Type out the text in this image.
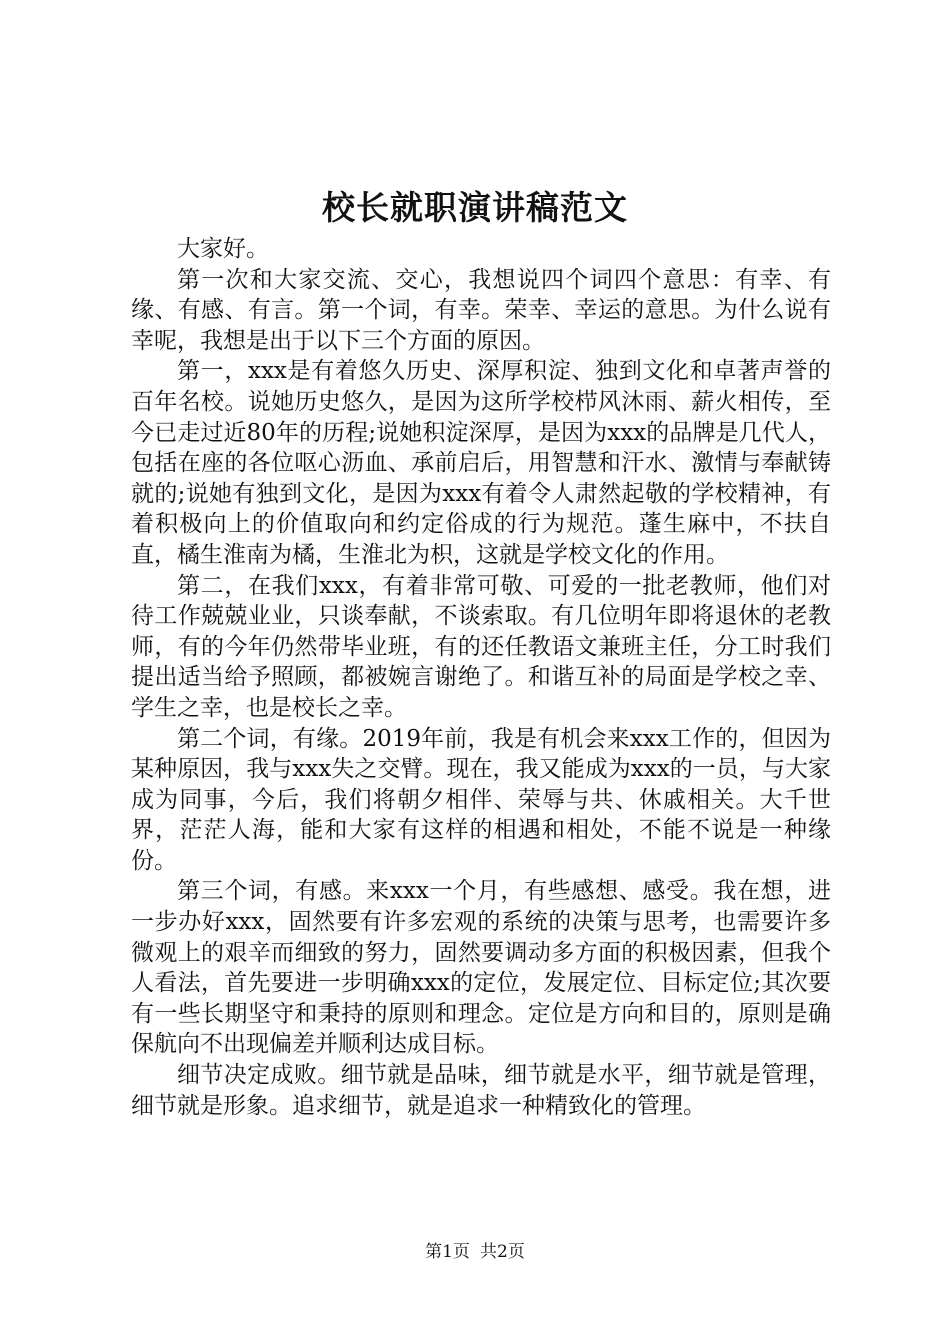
校长就职演讲稿范文

大家好。

第一次和大家交流、交心，我想说四个词四个意思：有幸、有缘、有感、有言。第一个词，有幸。荣幸、幸运的意思。为什么说有幸呢，我想是出于以下三个方面的原因。

第一，xxx是有着悠久历史、深厚积淀、独到文化和卓著声誉的百年名校。说她历史悠久，是因为这所学校栉风沐雨、薪火相传，至今已走过近80年的历程;说她积淀深厚，是因为xxx的品牌是几代人，包括在座的各位呕心沥血、承前启后，用智慧和汗水、激情与奉献铸就的;说她有独到文化，是因为xxx有着令人肃然起敬的学校精神，有着积极向上的价值取向和约定俗成的行为规范。蓬生麻中，不扶自直，橘生淮南为橘，生淮北为枳，这就是学校文化的作用。

第二，在我们xxx，有着非常可敬、可爱的一批老教师，他们对待工作兢兢业业，只谈奉献，不谈索取。有几位明年即将退休的老教师，有的今年仍然带毕业班，有的还任教语文兼班主任，分工时我们提出适当给予照顾，都被婉言谢绝了。和谐互补的局面是学校之幸、学生之幸，也是校长之幸。

第二个词，有缘。2019年前，我是有机会来xxx工作的，但因为某种原因，我与xxx失之交臂。现在，我又能成为xxx的一员，与大家成为同事，今后，我们将朝夕相伴、荣辱与共、休戚相关。大千世界，茫茫人海，能和大家有这样的相遇和相处，不能不说是一种缘份。

第三个词，有感。来xxx一个月，有些感想、感受。我在想，进一步办好xxx，固然要有许多宏观的系统的决策与思考，也需要许多微观上的艰辛而细致的努力，固然要调动多方面的积极因素，但我个人看法，首先要进一步明确xxx的定位，发展定位、目标定位;其次要有一些长期坚守和秉持的原则和理念。定位是方向和目的，原则是确保航向不出现偏差并顺利达成目标。

细节决定成败。细节就是品味，细节就是水平，细节就是管理，细节就是形象。追求细节，就是追求一种精致化的管理。

第1页 共2页
